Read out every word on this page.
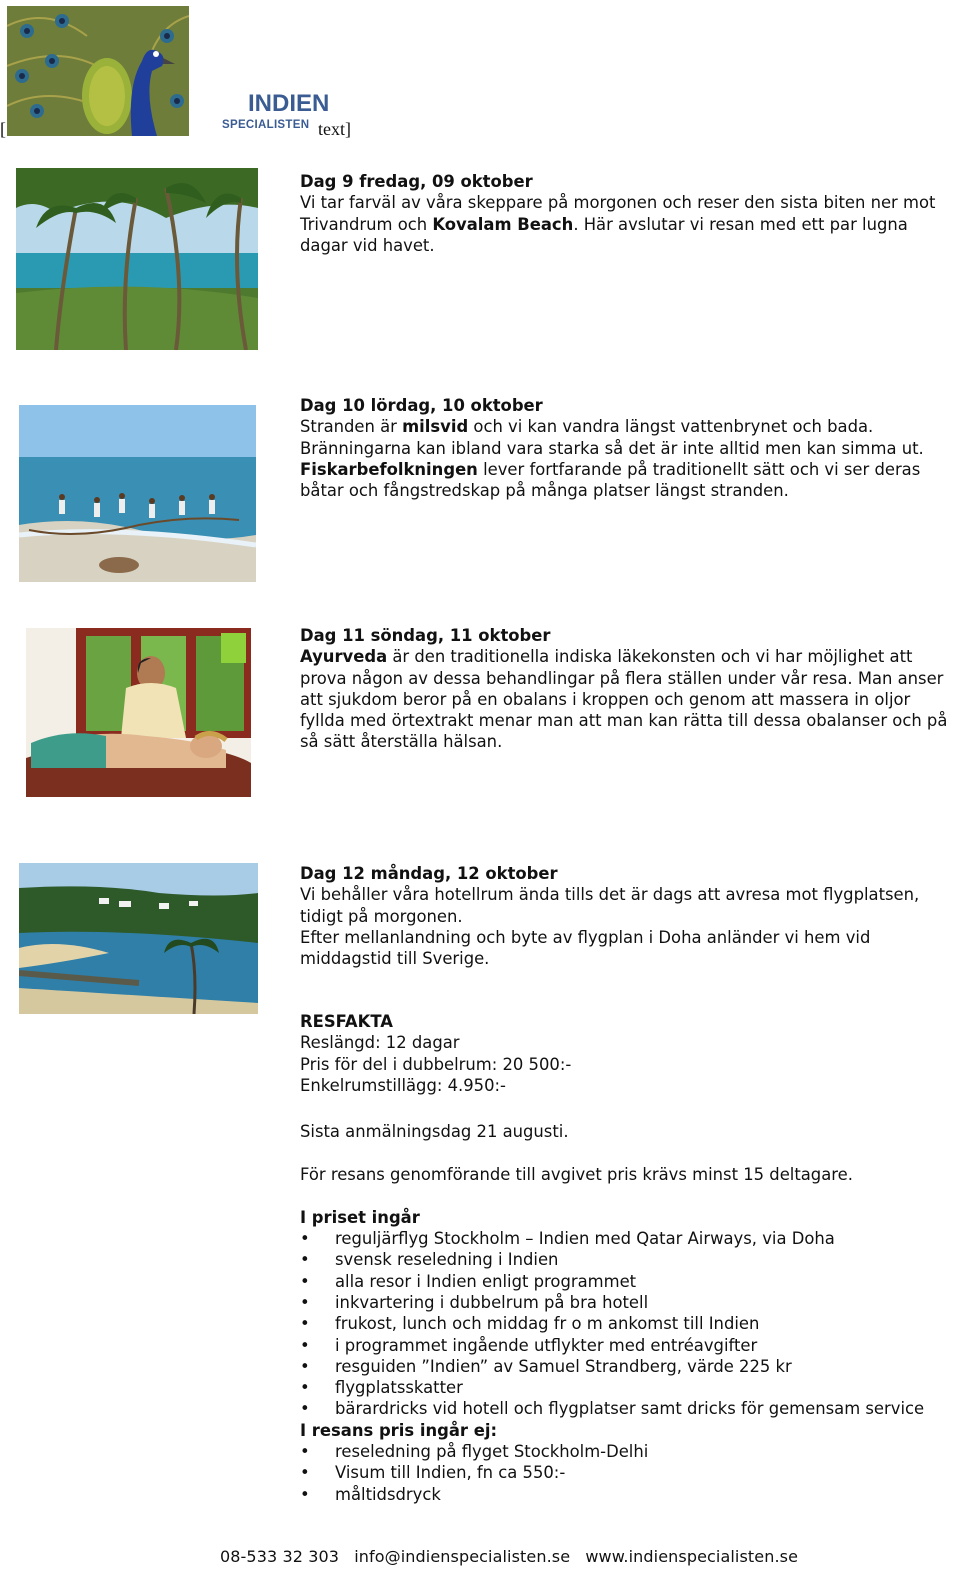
[
INDIEN
SPECIALISTEN text]
Dag 9 fredag, 09 oktober

Vi tar farväl av våra skeppare på morgonen och reser den sista biten ner mot Trivandrum och Kovalam Beach. Här avslutar vi resan med ett par lugna dagar vid havet.

Dag 10 lördag, 10 oktober

Stranden är milsvid och vi kan vandra längst vattenbrynet och bada. Bränningarna kan ibland vara starka så det är inte alltid men kan simma ut. Fiskarbefolkningen lever fortfarande på traditionellt sätt och vi ser deras båtar och fångstredskap på många platser längst stranden.

Dag 11 söndag, 11 oktober

Ayurveda är den traditionella indiska läkekonsten och vi har möjlighet att prova någon av dessa behandlingar på flera ställen under vår resa. Man anser att sjukdom beror på en obalans i kroppen och genom att massera in oljor fyllda med örtextrakt menar man att man kan rätta till dessa obalanser och på så sätt återställa hälsan.

Dag 12 måndag, 12 oktober

Vi behåller våra hotellrum ända tills det är dags att avresa mot flygplatsen, tidigt på morgonen.

Efter mellanlandning och byte av flygplan i Doha anländer vi hem vid middagstid till Sverige.

RESFAKTA

Reslängd: 12 dagar

Pris för del i dubbelrum: 20 500:-

Enkelrumstillägg: 4.950:-

Sista anmälningsdag 21 augusti.

För resans genomförande till avgivet pris krävs minst 15 deltagare.

I priset ingår
• reguljärflyg Stockholm – Indien med Qatar Airways, via Doha
• svensk reseledning i Indien
• alla resor i Indien enligt programmet
• inkvartering i dubbelrum på bra hotell
• frukost, lunch och middag fr o m ankomst till Indien
• i programmet ingående utflykter med entréavgifter
• resguiden ”Indien” av Samuel Strandberg, värde 225 kr
• flygplatsskatter
• bärardricks vid hotell och flygplatser samt dricks för gemensam service
I resans pris ingår ej:
• reseledning på flyget Stockholm-Delhi
• Visum till Indien, fn ca 550:-
• måltidsdryck
08-533 32 303 info@indienspecialisten.se www.indienspecialisten.se
